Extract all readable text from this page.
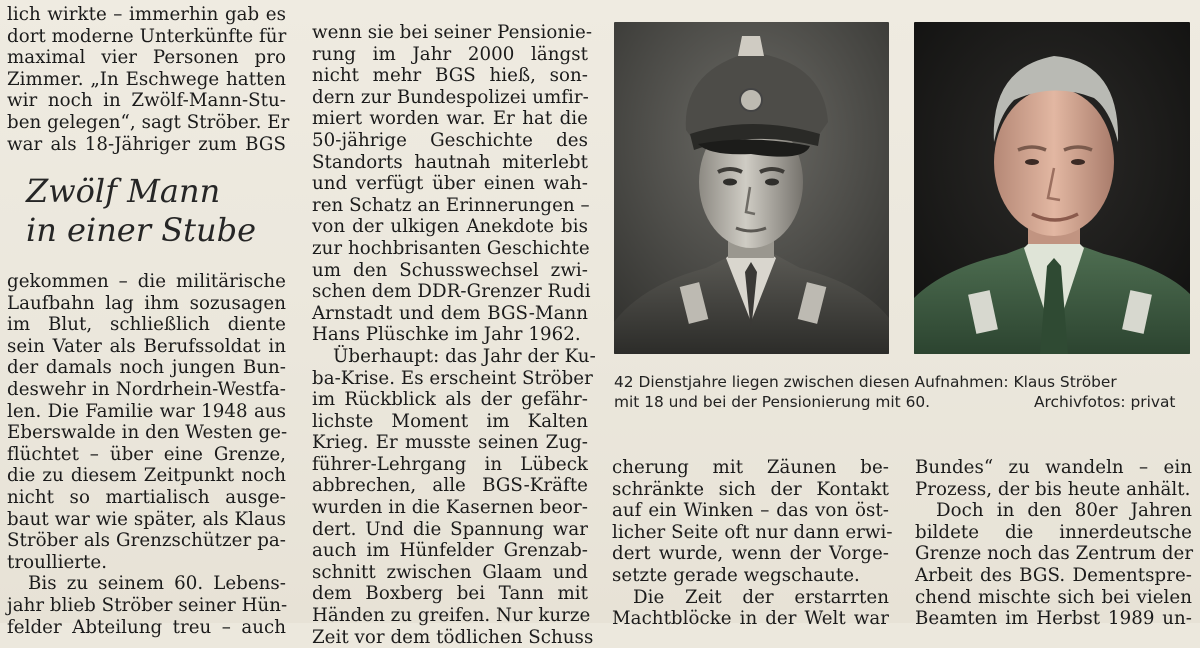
lich wirkte – immerhin gab es
dort moderne Unterkünfte für
maximal vier Personen pro
Zimmer. „In Eschwege hatten
wir noch in Zwölf-Mann-Stu-
ben gelegen“, sagt Ströber. Er
war als 18-Jähriger zum BGS
Zwölf Mann
in einer Stube
gekommen – die militärische
Laufbahn lag ihm sozusagen
im Blut, schließlich diente
sein Vater als Berufssoldat in
der damals noch jungen Bun-
deswehr in Nordrhein-Westfa-
len. Die Familie war 1948 aus
Eberswalde in den Westen ge-
flüchtet – über eine Grenze,
die zu diesem Zeitpunkt noch
nicht so martialisch ausge-
baut war wie später, als Klaus
Ströber als Grenzschützer pa-
troullierte.
Bis zu seinem 60. Lebens-
jahr blieb Ströber seiner Hün-
felder Abteilung treu – auch
wenn sie bei seiner Pensionie-
rung im Jahr 2000 längst
nicht mehr BGS hieß, son-
dern zur Bundespolizei umfir-
miert worden war. Er hat die
50-jährige Geschichte des
Standorts hautnah miterlebt
und verfügt über einen wah-
ren Schatz an Erinnerungen –
von der ulkigen Anekdote bis
zur hochbrisanten Geschichte
um den Schusswechsel zwi-
schen dem DDR-Grenzer Rudi
Arnstadt und dem BGS-Mann
Hans Plüschke im Jahr 1962.
Überhaupt: das Jahr der Ku-
ba-Krise. Es erscheint Ströber
im Rückblick als der gefähr-
lichste Moment im Kalten
Krieg. Er musste seinen Zug-
führer-Lehrgang in Lübeck
abbrechen, alle BGS-Kräfte
wurden in die Kasernen beor-
dert. Und die Spannung war
auch im Hünfelder Grenzab-
schnitt zwischen Glaam und
dem Boxberg bei Tann mit
Händen zu greifen. Nur kurze
Zeit vor dem tödlichen Schuss
42 Dienstjahre liegen zwischen diesen Aufnahmen: Klaus Ströber
mit 18 und bei der Pensionierung mit 60.	Archivfotos: privat
cherung mit Zäunen be-
schränkte sich der Kontakt
auf ein Winken – das von öst-
licher Seite oft nur dann erwi-
dert wurde, wenn der Vorge-
setzte gerade wegschaute.
Die Zeit der erstarrten
Machtblöcke in der Welt war
Bundes“ zu wandeln – ein
Prozess, der bis heute anhält.
Doch in den 80er Jahren
bildete die innerdeutsche
Grenze noch das Zentrum der
Arbeit des BGS. Dementspre-
chend mischte sich bei vielen
Beamten im Herbst 1989 un-
